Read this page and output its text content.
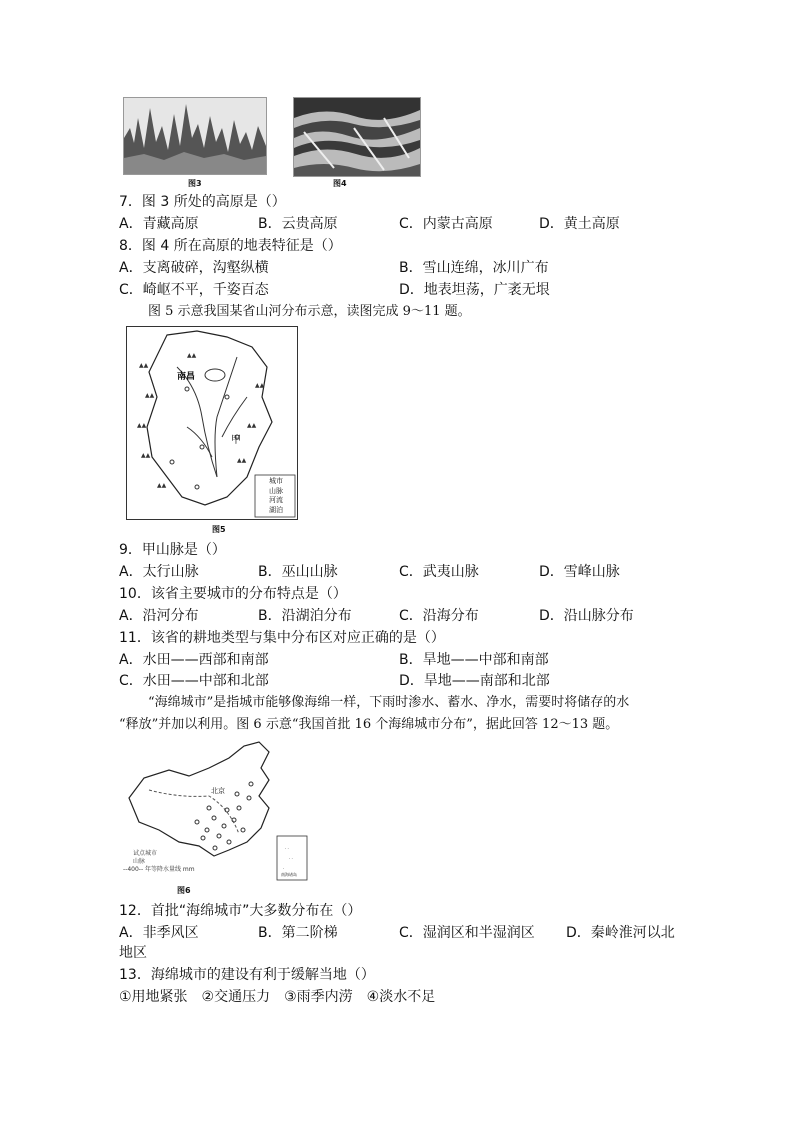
图3	图4
7．图 3 所处的高原是（）
A．青藏高原	B．云贵高原	C．内蒙古高原	D．黄土高原
8．图 4 所在高原的地表特征是（）
A．支离破碎，沟壑纵横	B．雪山连绵，冰川广布
C．崎岖不平，千姿百态	D．地表坦荡，广袤无垠
图 5 示意我国某省山河分布示意，读图完成 9～11 题。
▲▲
▲▲
▲▲
▲▲
▲▲
▲▲
▲▲
▲▲
▲▲
南昌
甲
城市
山脉
河流
湖泊
图5
9．甲山脉是（）
A．太行山脉	B．巫山山脉	C．武夷山脉	D．雪峰山脉
10．该省主要城市的分布特点是（）
A．沿河分布	B．沿湖泊分布	C．沿海分布	D．沿山脉分布
11．该省的耕地类型与集中分布区对应正确的是（）
A．水田——西部和南部	B．旱地——中部和南部
C．水田——中部和北部	D．旱地——南部和北部
“海绵城市”是指城市能够像海绵一样，下雨时渗水、蓄水、净水，需要时将储存的水
“释放”并加以利用。图 6 示意“我国首批 16 个海绵城市分布”，据此回答 12～13 题。
· ·
· ·
·
北京
试点城市
山脉
--400-- 年等降水量线 mm
南海诸岛
图6
12．首批“海绵城市”大多数分布在（）
A．非季风区	B．第二阶梯	C．湿润区和半湿润区 D．秦岭淮河以北
地区
13．海绵城市的建设有利于缓解当地（）
①用地紧张　②交通压力　③雨季内涝　④淡水不足
